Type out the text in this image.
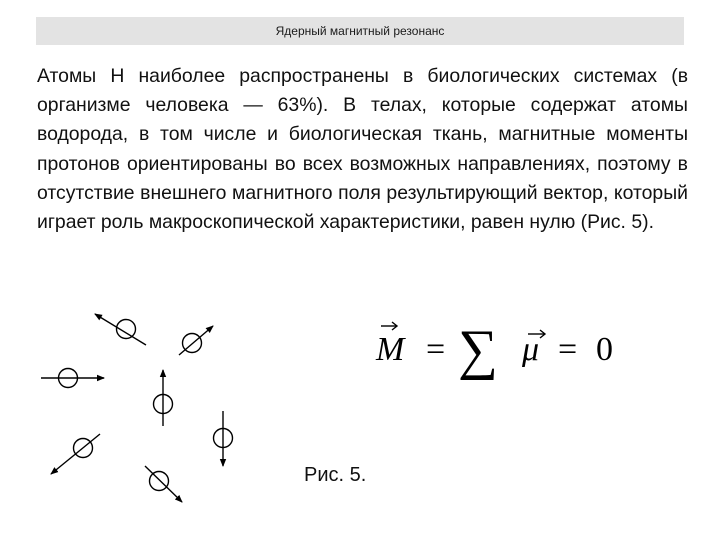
Ядерный магнитный резонанс

Атомы Н наиболее распространены в биологических системах (в организме человека — 63%). В телах, которые содержат атомы водорода, в том числе и биологическая ткань, магнитные моменты протонов ориентированы во всех возможных направлениях, поэтому в отсутствие внешнего магнитного поля результирующий вектор, который играет роль макроскопической характеристики, равен нулю (Рис. 5).

M = ∑ μ = 0
Рис. 5.
